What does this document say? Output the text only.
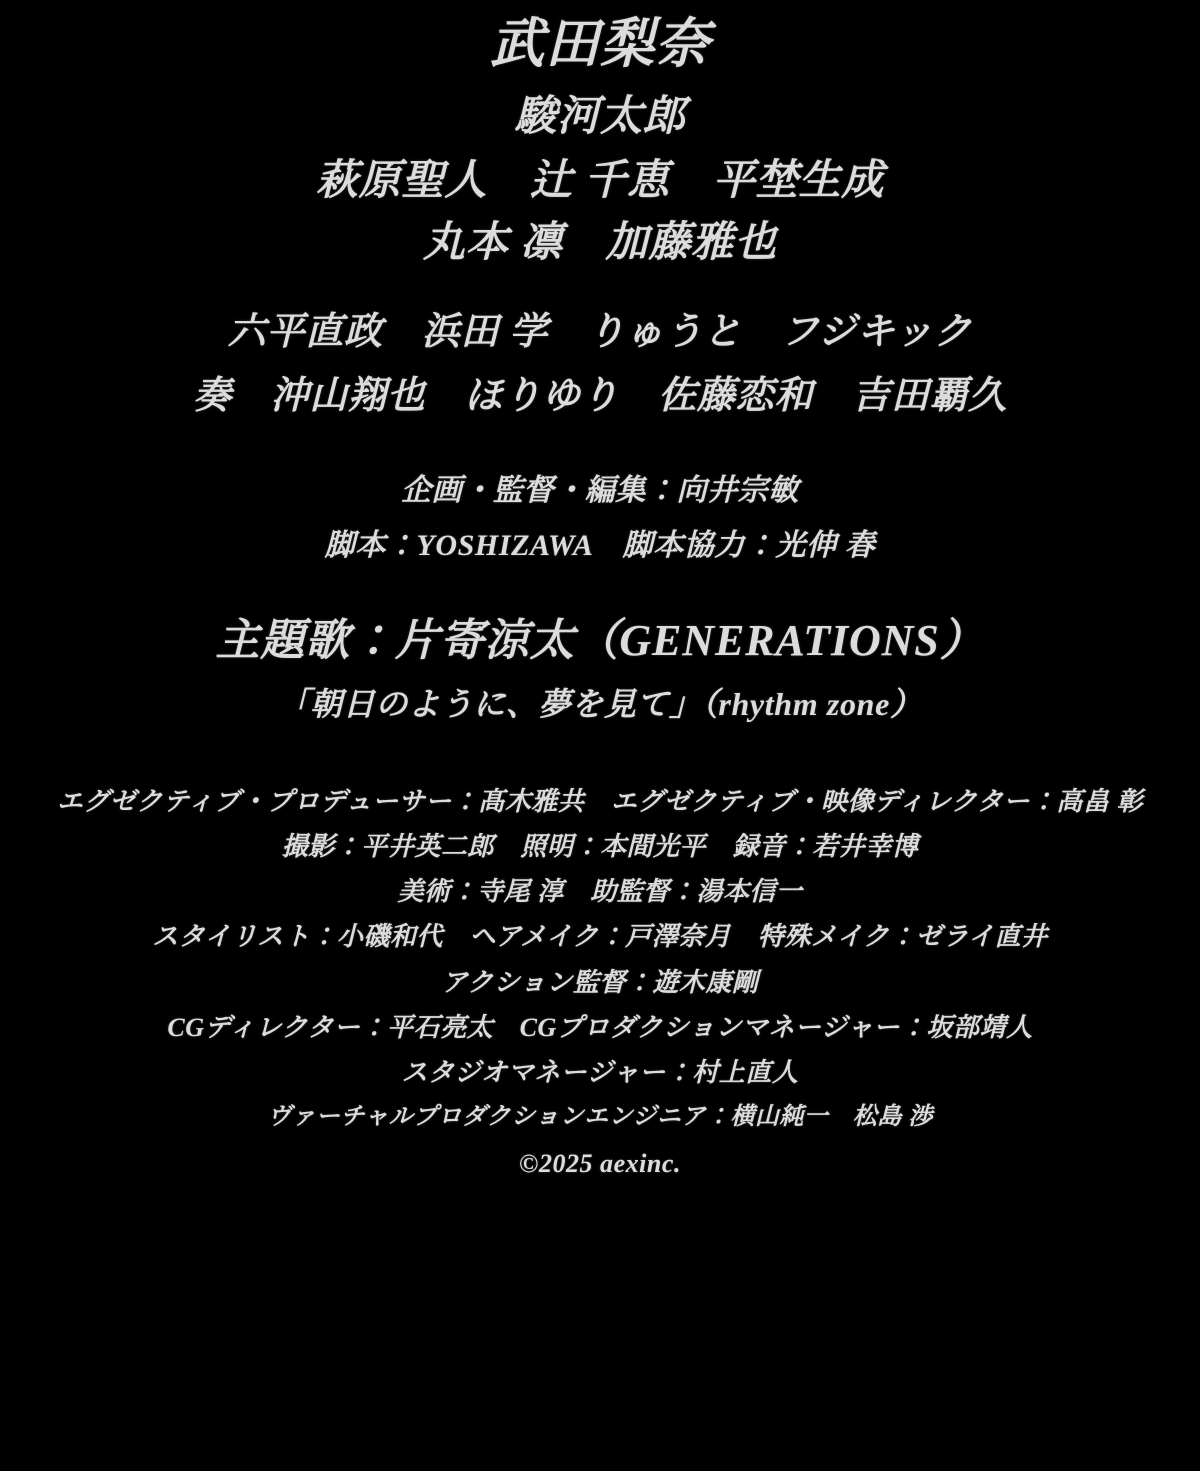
武田梨奈
駿河太郎
萩原聖人　辻 千恵　平埜生成
丸本 凛　加藤雅也
六平直政　浜田 学　りゅうと　フジキック
奏　沖山翔也　ほりゆり　佐藤恋和　吉田覇久
企画・監督・編集：向井宗敏
脚本：YOSHIZAWA　脚本協力：光伸 春
主題歌：片寄涼太（GENERATIONS）
「朝日のように、夢を見て」（rhythm zone）
エグゼクティブ・プロデューサー：髙木雅共　エグゼクティブ・映像ディレクター：高畠 彰
撮影：平井英二郎　照明：本間光平　録音：若井幸博
美術：寺尾 淳　助監督：湯本信一
スタイリスト：小磯和代　ヘアメイク：戸澤奈月　特殊メイク：ゼライ直井
アクション監督：遊木康剛
CGディレクター：平石亮太　CGプロダクションマネージャー：坂部靖人
スタジオマネージャー：村上直人
ヴァーチャルプロダクションエンジニア：横山純一　松島 渉
©2025 aexinc.
